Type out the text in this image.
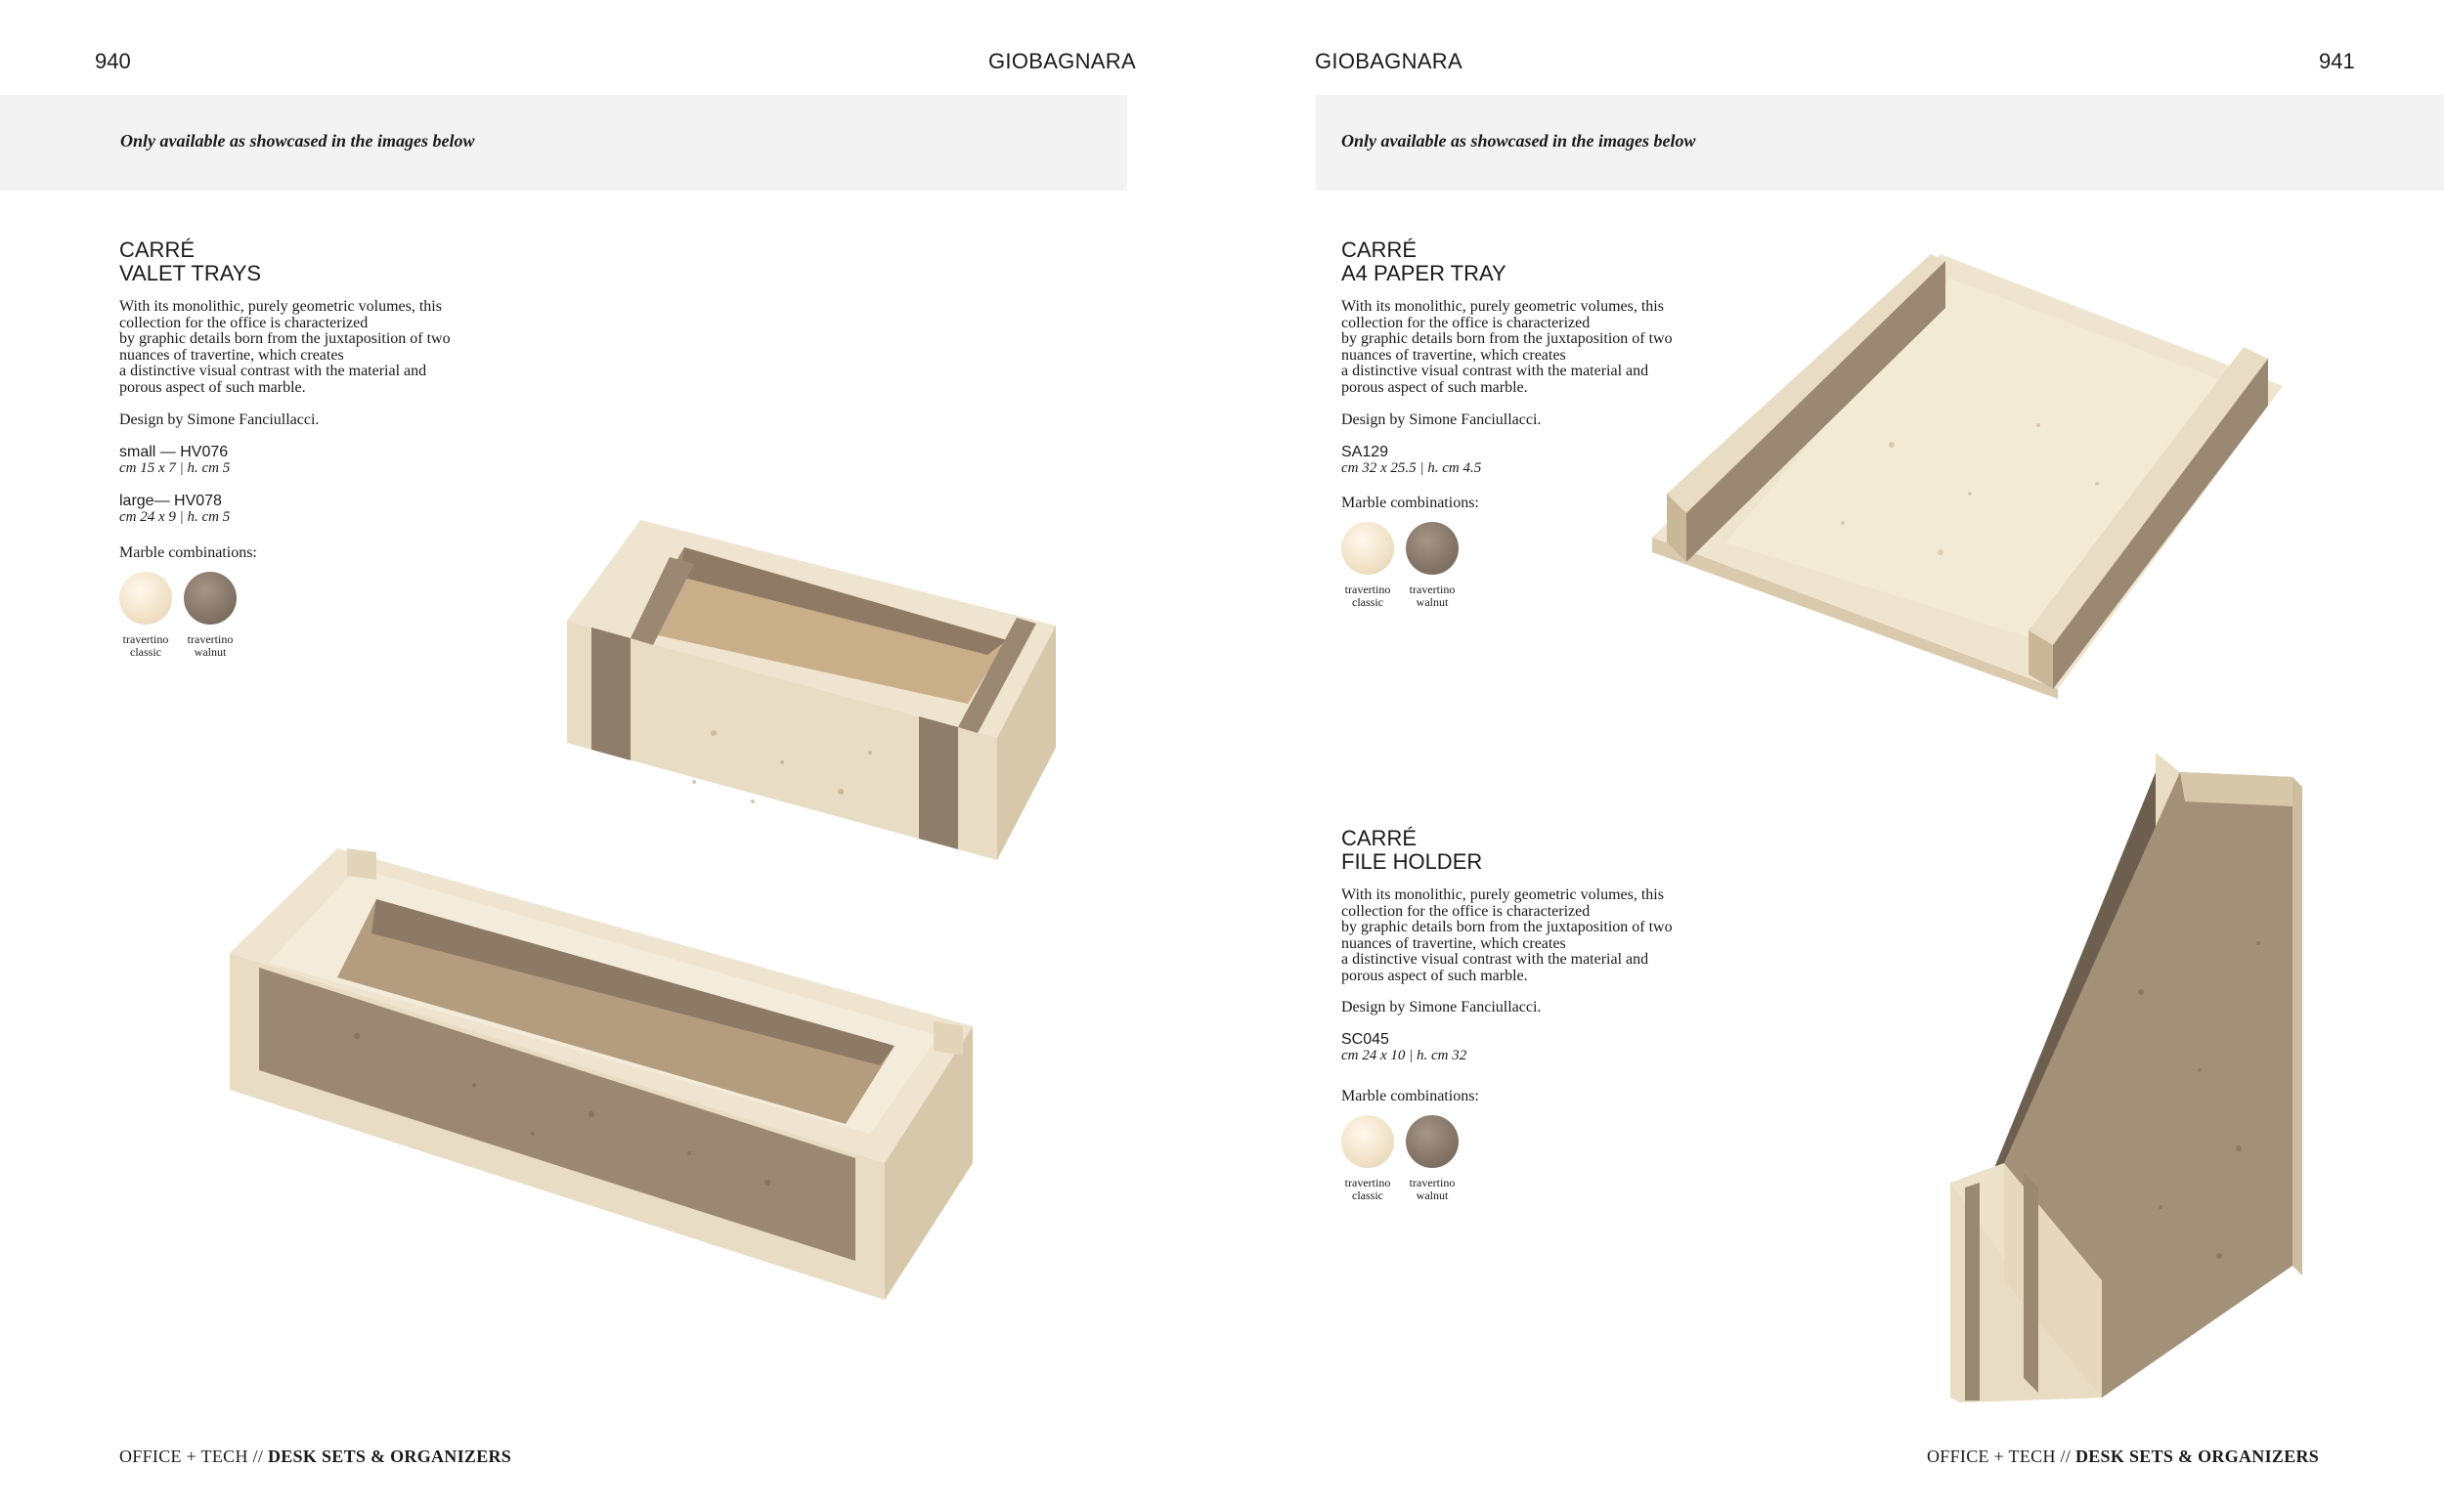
940	GIOBAGNARA
Only available as showcased in the images below
CARRÉ
VALET TRAYS
With its monolithic, purely geometric volumes, this
collection for the office is characterized
by graphic details born from the juxtaposition of two
nuances of travertine, which creates
a distinctive visual contrast with the material and
porous aspect of such marble.
Design by Simone Fanciullacci.
small — HV076
cm 15 x 7 | h. cm 5
large— HV078
cm 24 x 9 | h. cm 5
Marble combinations:
travertino
classic
travertino
walnut
OFFICE + TECH // DESK SETS & ORGANIZERS
GIOBAGNARA	941
Only available as showcased in the images below
CARRÉ
A4 PAPER TRAY
With its monolithic, purely geometric volumes, this
collection for the office is characterized
by graphic details born from the juxtaposition of two
nuances of travertine, which creates
a distinctive visual contrast with the material and
porous aspect of such marble.
Design by Simone Fanciullacci.
SA129
cm 32 x 25.5 | h. cm 4.5
Marble combinations:
travertino
classic
travertino
walnut
CARRÉ
FILE HOLDER
With its monolithic, purely geometric volumes, this
collection for the office is characterized
by graphic details born from the juxtaposition of two
nuances of travertine, which creates
a distinctive visual contrast with the material and
porous aspect of such marble.
Design by Simone Fanciullacci.
SC045
cm 24 x 10 | h. cm 32
Marble combinations:
travertino
classic
travertino
walnut
OFFICE + TECH // DESK SETS & ORGANIZERS
